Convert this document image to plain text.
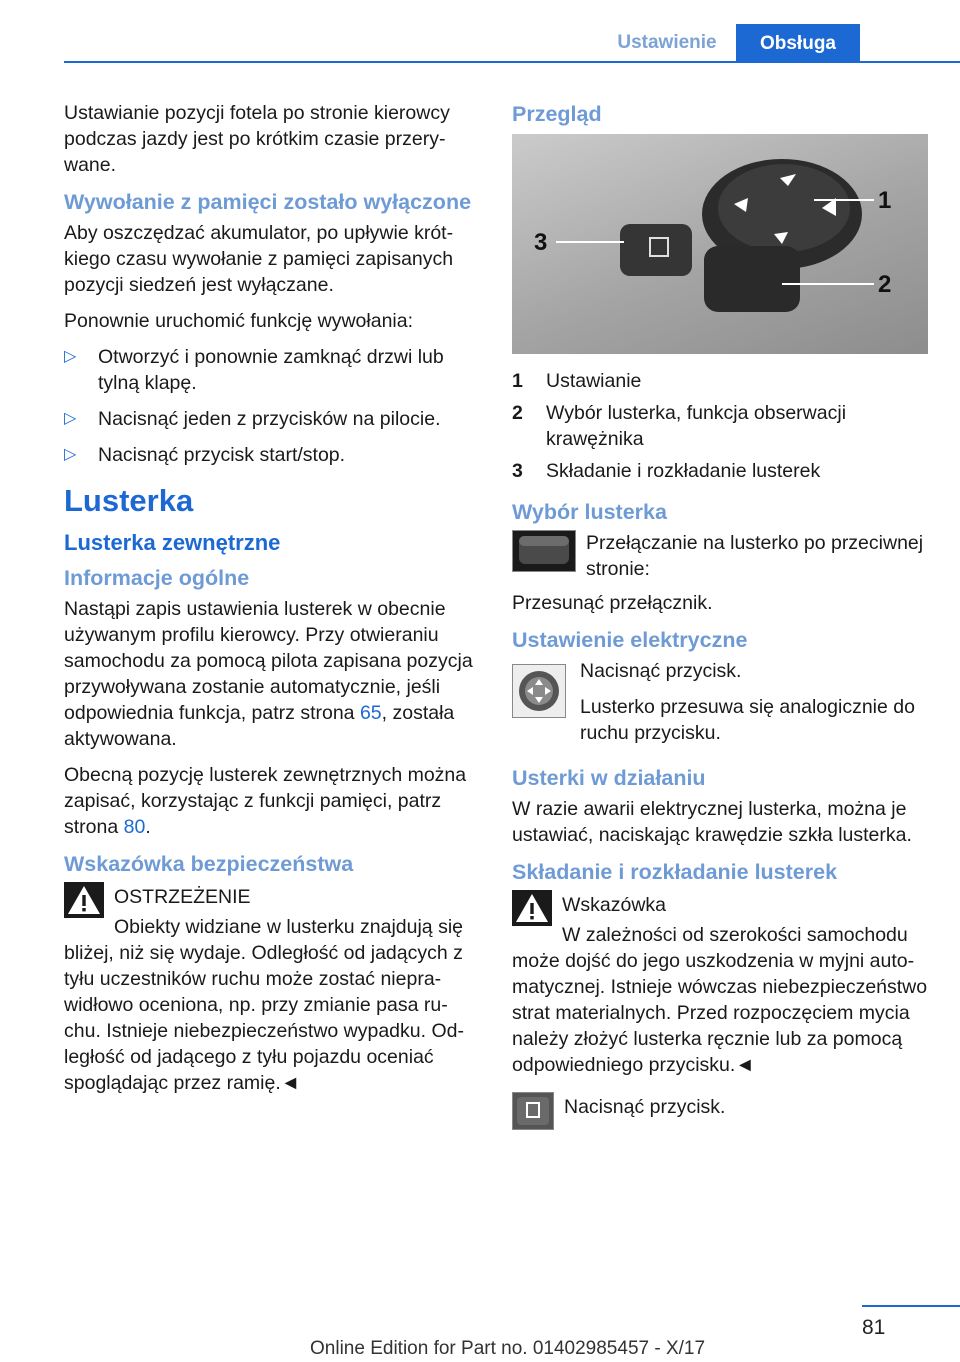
Ustawienie	Obsługa

Ustawianie pozycji fotela po stronie kierowcy podczas jazdy jest po krótkim czasie przerywane.

Wywołanie z pamięci zostało wyłączone

Aby oszczędzać akumulator, po upływie krótkiego czasu wywołanie z pamięci zapisanych pozycji siedzeń jest wyłączane.

Ponownie uruchomić funkcję wywołania:

▷ Otworzyć i ponownie zamknąć drzwi lub tylną klapę.
▷ Nacisnąć jeden z przycisków na pilocie.
▷ Nacisnąć przycisk start/stop.
Lusterka
Lusterka zewnętrzne
Informacje ogólne

Nastąpi zapis ustawienia lusterek w obecnie używanym profilu kierowcy. Przy otwieraniu samochodu za pomocą pilota zapisana pozycja przywoływana zostanie automatycznie, jeśli odpowiednia funkcja, patrz strona 65, została aktywowana.

Obecną pozycję lusterek zewnętrznych można zapisać, korzystając z funkcji pamięci, patrz strona 80.

Wskazówka bezpieczeństwa
OSTRZEŻENIE

Obiekty widziane w lusterku znajdują się bliżej, niż się wydaje. Odległość od jadących z tyłu uczestników ruchu może zostać nieprawidłowo oceniona, np. przy zmianie pasa ruchu. Istnieje niebezpieczeństwo wypadku. Odległość od jadącego z tyłu pojazdu oceniać spoglądając przez ramię.◄

Przegląd
1
2
3
1	Ustawianie
2	Wybór lusterka, funkcja obserwacji krawężnika
3	Składanie i rozkładanie lusterek
Wybór lusterka
Przełączanie na lusterko po przeciwnej stronie:

Przesunąć przełącznik.

Ustawienie elektryczne

Nacisnąć przycisk.

Lusterko przesuwa się analogicznie do ruchu przycisku.

Usterki w działaniu

W razie awarii elektrycznej lusterka, można je ustawiać, naciskając krawędzie szkła lusterka.

Składanie i rozkładanie lusterek
Wskazówka

W zależności od szerokości samochodu może dojść do jego uszkodzenia w myjni automatycznej. Istnieje wówczas niebezpieczeństwo strat materialnych. Przed rozpoczęciem mycia należy złożyć lusterka ręcznie lub za pomocą odpowiedniego przycisku.◄

Nacisnąć przycisk.
81
Online Edition for Part no. 01402985457 - X/17
